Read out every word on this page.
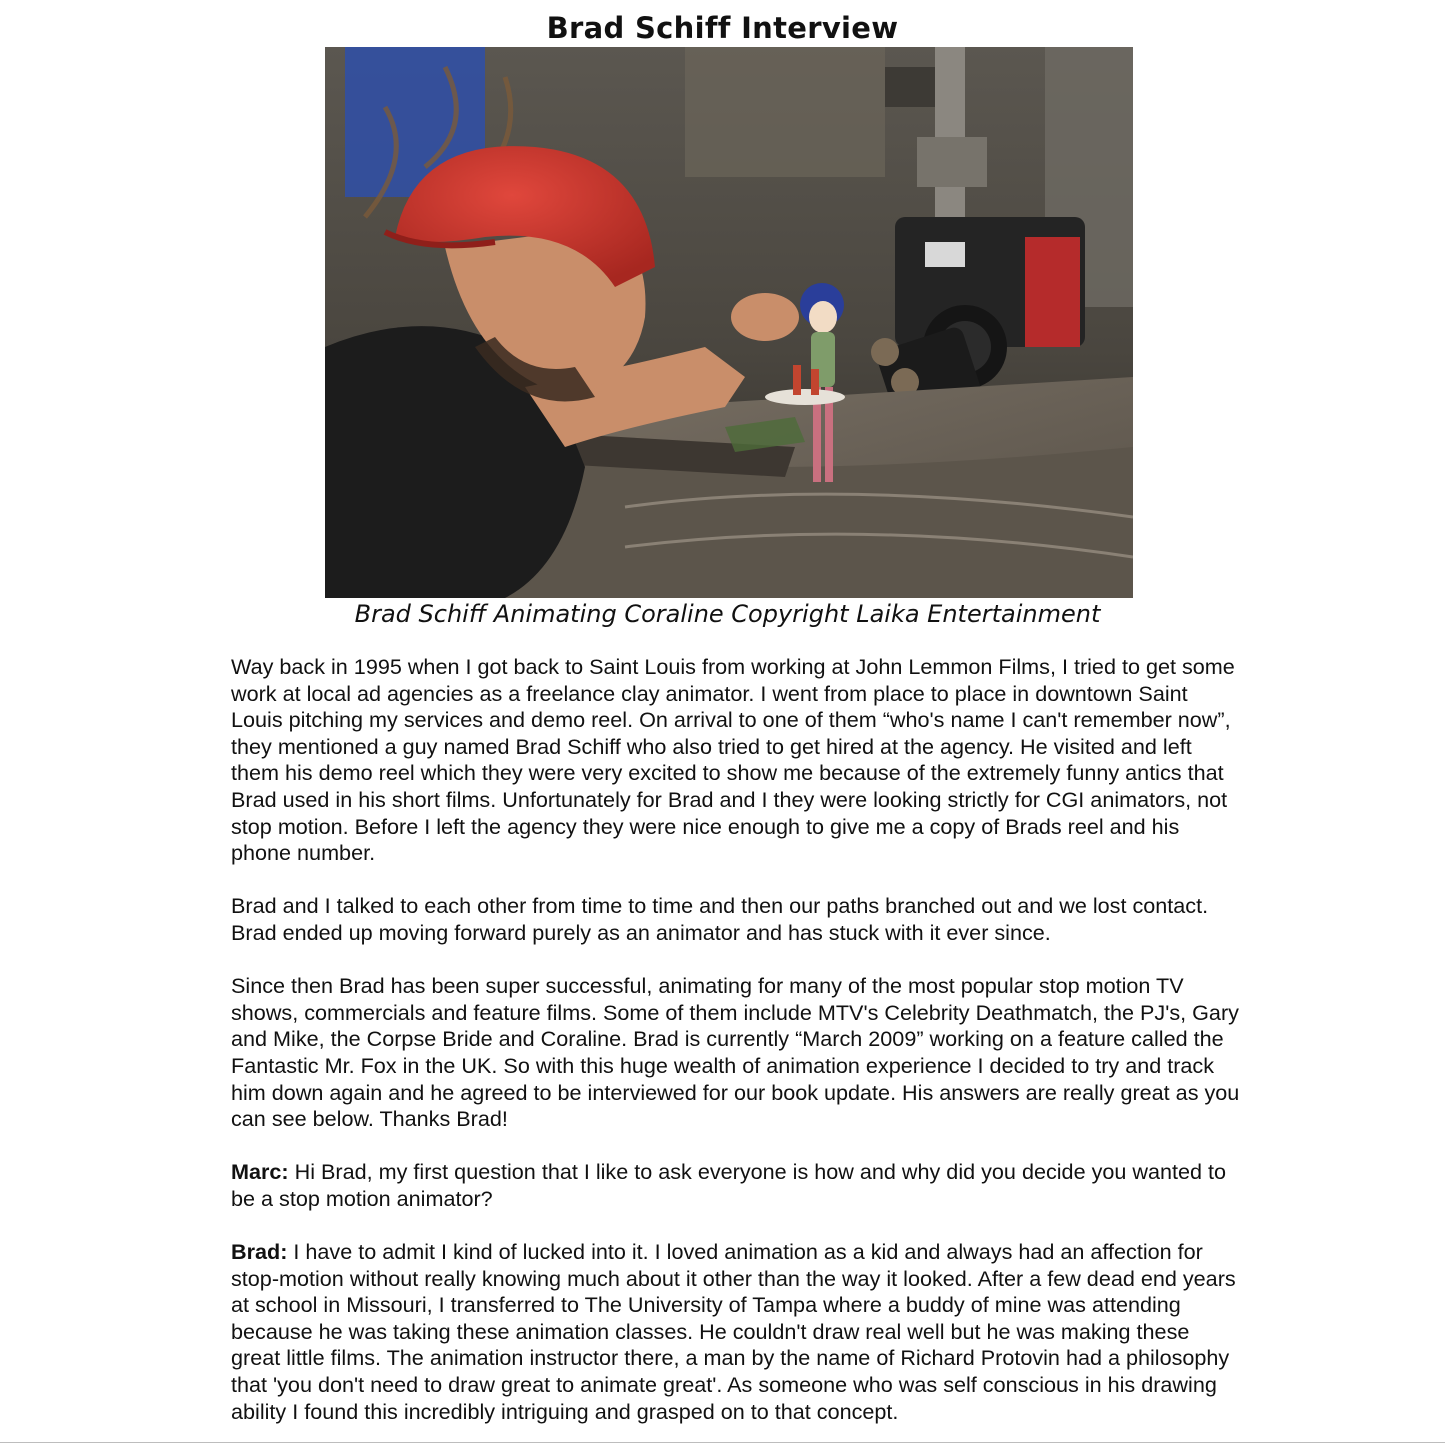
Brad Schiff Interview

Brad Schiff Animating Coraline Copyright Laika Entertainment

Way back in 1995 when I got back to Saint Louis from working at John Lemmon Films, I tried to get some work at local ad agencies as a freelance clay animator. I went from place to place in downtown Saint Louis pitching my services and demo reel. On arrival to one of them “who's name I can't remember now”, they mentioned a guy named Brad Schiff who also tried to get hired at the agency. He visited and left them his demo reel which they were very excited to show me because of the extremely funny antics that Brad used in his short films. Unfortunately for Brad and I they were looking strictly for CGI animators, not stop motion. Before I left the agency they were nice enough to give me a copy of Brads reel and his phone number.

Brad and I talked to each other from time to time and then our paths branched out and we lost contact. Brad ended up moving forward purely as an animator and has stuck with it ever since.

Since then Brad has been super successful, animating for many of the most popular stop motion TV shows, commercials and feature films. Some of them include MTV's Celebrity Deathmatch, the PJ's, Gary and Mike, the Corpse Bride and Coraline. Brad is currently “March 2009” working on a feature called the Fantastic Mr. Fox in the UK. So with this huge wealth of animation experience I decided to try and track him down again and he agreed to be interviewed for our book update. His answers are really great as you can see below. Thanks Brad!

Marc: Hi Brad, my first question that I like to ask everyone is how and why did you decide you wanted to be a stop motion animator?

Brad: I have to admit I kind of lucked into it. I loved animation as a kid and always had an affection for stop-motion without really knowing much about it other than the way it looked. After a few dead end years at school in Missouri, I transferred to The University of Tampa where a buddy of mine was attending because he was taking these animation classes. He couldn't draw real well but he was making these great little films. The animation instructor there, a man by the name of Richard Protovin had a philosophy that 'you don't need to draw great to animate great'. As someone who was self conscious in his drawing ability I found this incredibly intriguing and grasped on to that concept.
